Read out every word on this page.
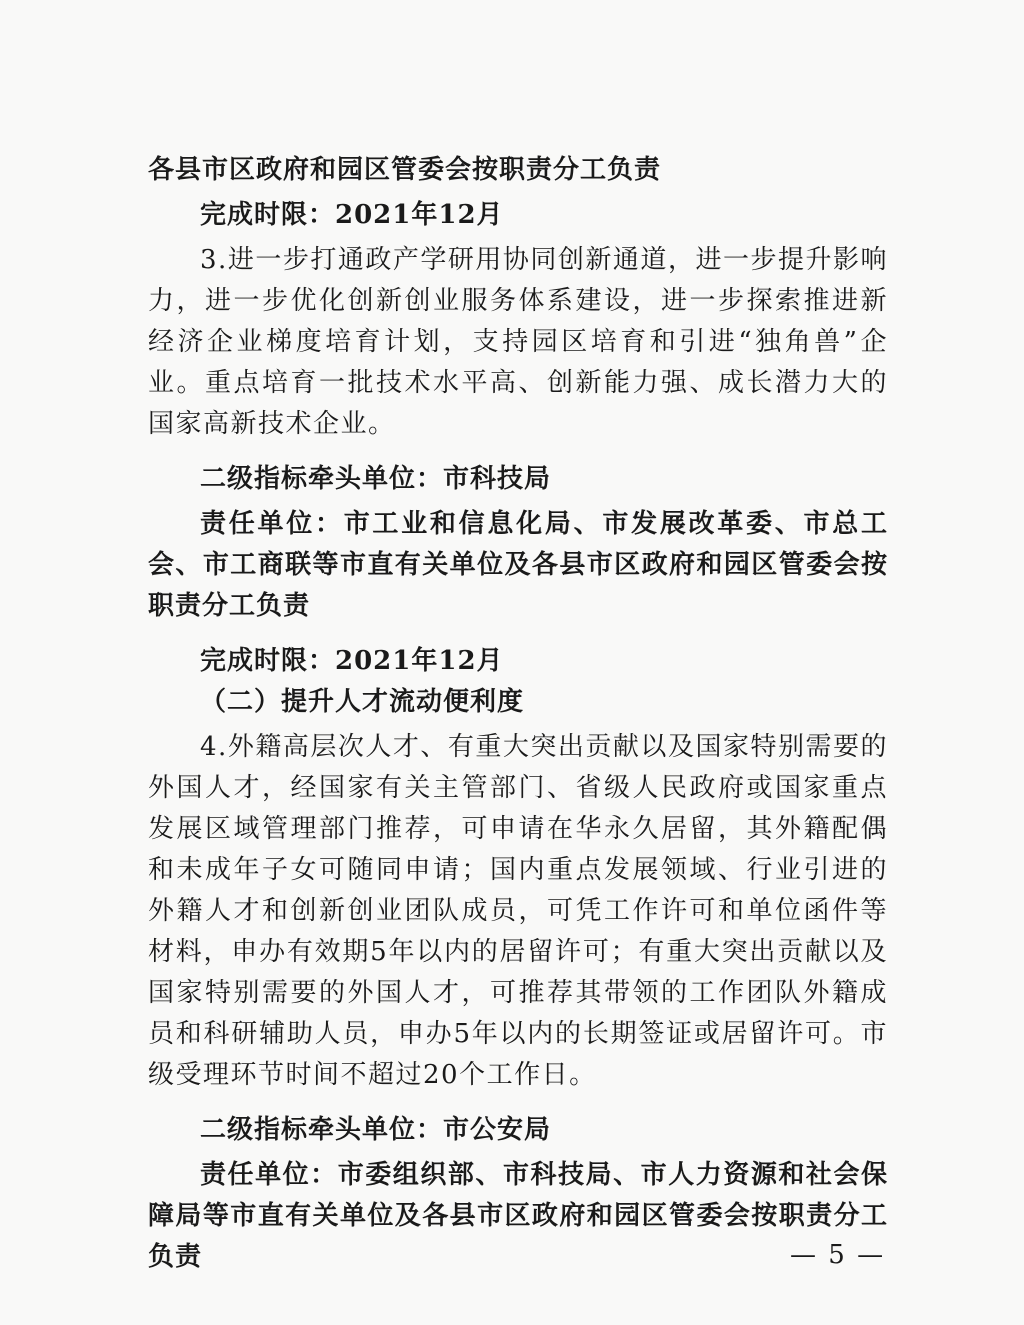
各县市区政府和园区管委会按职责分工负责

完成时限：2021年12月

3.进一步打通政产学研用协同创新通道，进一步提升影响力，进一步优化创新创业服务体系建设，进一步探索推进新经济企业梯度培育计划，支持园区培育和引进“独角兽”企业。重点培育一批技术水平高、创新能力强、成长潜力大的国家高新技术企业。

二级指标牵头单位：市科技局

责任单位：市工业和信息化局、市发展改革委、市总工会、市工商联等市直有关单位及各县市区政府和园区管委会按职责分工负责

完成时限：2021年12月

（二）提升人才流动便利度

4.外籍高层次人才、有重大突出贡献以及国家特别需要的外国人才，经国家有关主管部门、省级人民政府或国家重点发展区域管理部门推荐，可申请在华永久居留，其外籍配偶和未成年子女可随同申请；国内重点发展领域、行业引进的外籍人才和创新创业团队成员，可凭工作许可和单位函件等材料，申办有效期5年以内的居留许可；有重大突出贡献以及国家特别需要的外国人才，可推荐其带领的工作团队外籍成员和科研辅助人员，申办5年以内的长期签证或居留许可。市级受理环节时间不超过20个工作日。

二级指标牵头单位：市公安局

责任单位：市委组织部、市科技局、市人力资源和社会保障局等市直有关单位及各县市区政府和园区管委会按职责分工负责	— 5 —
